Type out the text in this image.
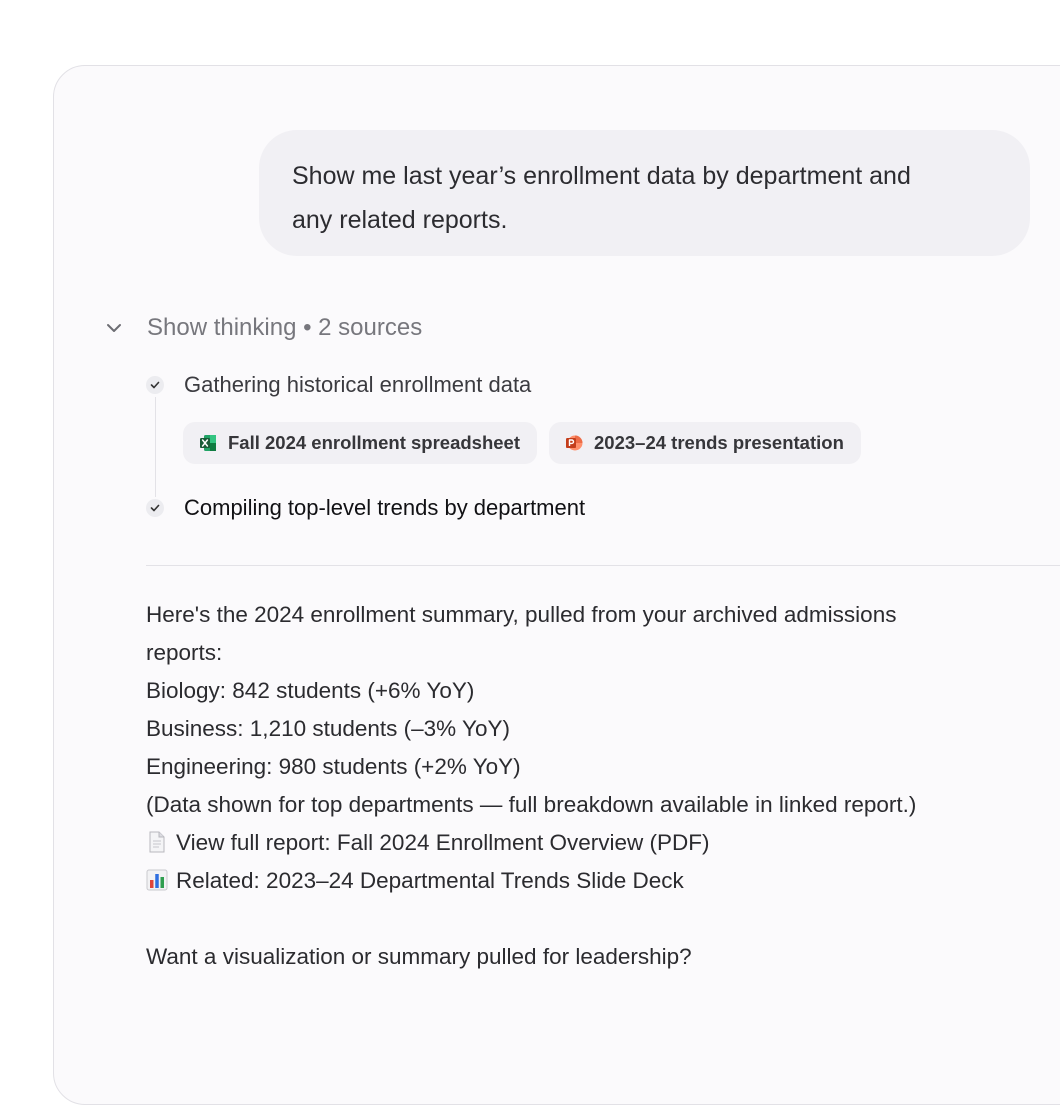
Show me last year’s enrollment data by department and
any related reports.
Show thinking • 2 sources
Gathering historical enrollment data
Fall 2024 enrollment spreadsheet	2023–24 trends presentation
Compiling top-level trends by department
Here's the 2024 enrollment summary, pulled from your archived admissions
reports:
Biology: 842 students (+6% YoY)
Business: 1,210 students (–3% YoY)
Engineering: 980 students (+2% YoY)
(Data shown for top departments — full breakdown available in linked report.)
View full report: Fall 2024 Enrollment Overview (PDF)
Related: 2023–24 Departmental Trends Slide Deck
Want a visualization or summary pulled for leadership?
